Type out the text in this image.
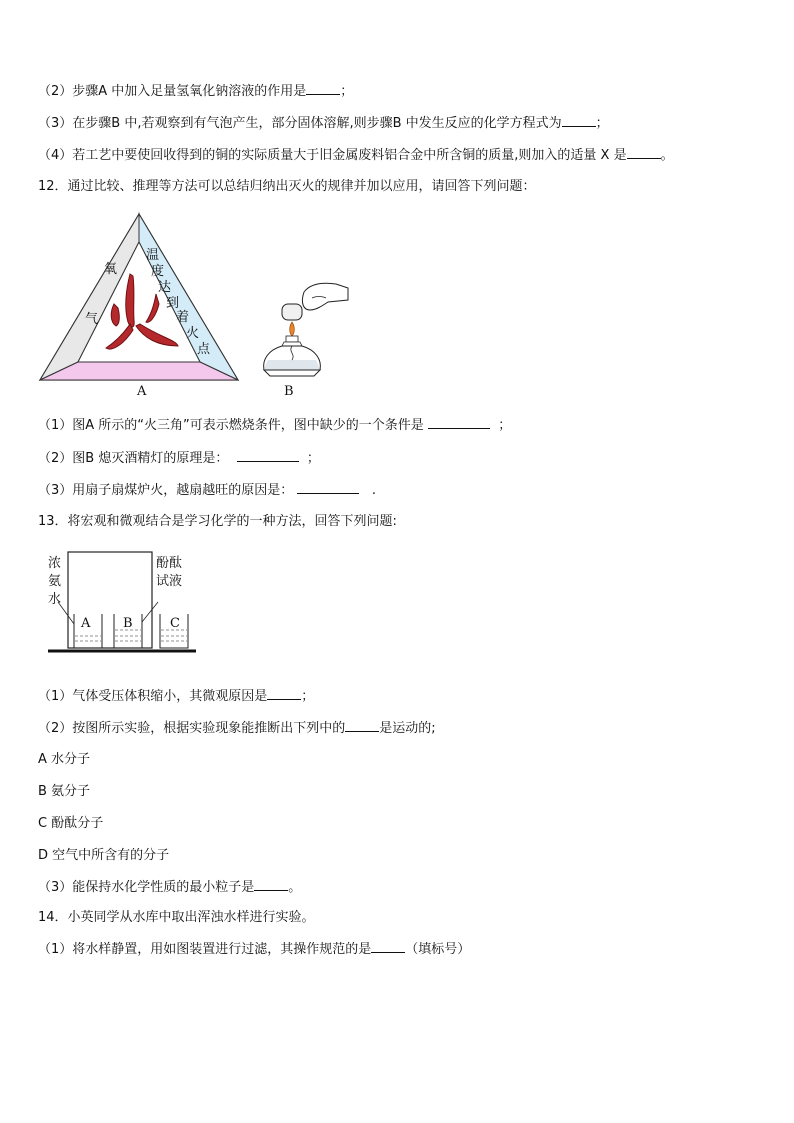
（2）步骤A 中加入足量氢氧化钠溶液的作用是	；
（3）在步骤B 中,若观察到有气泡产生，部分固体溶解,则步骤B 中发生反应的化学方程式为	；
（4）若工艺中要使回收得到的铜的实际质量大于旧金属废料铝合金中所含铜的质量,则加入的适量 X 是	。
12．通过比较、推理等方法可以总结归纳出灭火的规律并加以应用，请回答下列问题：
氧
气
温
度
达
到
着
火
点
A	B
（1）图A 所示的“火三角”可表示燃烧条件，图中缺少的一个条件是	；
（2）图B 熄灭酒精灯的原理是：	；
（3）用扇子扇煤炉火，越扇越旺的原因是：	.
13．将宏观和微观结合是学习化学的一种方法，回答下列问题:
浓
氨
水
酚酞
试液
A	B	C
（1）气体受压体积缩小，其微观原因是	；
（2）按图所示实验，根据实验现象能推断出下列中的	是运动的;
A 水分子
B 氨分子
C 酚酞分子
D 空气中所含有的分子
（3）能保持水化学性质的最小粒子是	。
14．小英同学从水库中取出浑浊水样进行实验。
（1）将水样静置，用如图装置进行过滤，其操作规范的是	（填标号）
